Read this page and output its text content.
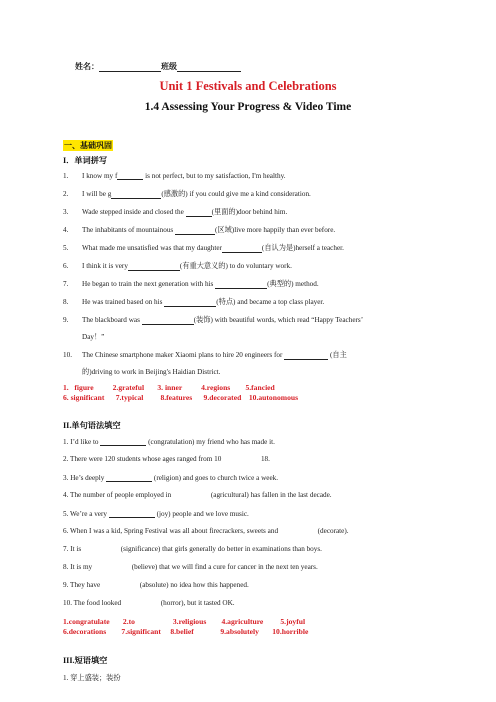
姓名：	班级
Unit 1 Festivals and Celebrations
1.4 Assessing Your Progress & Video Time
一、基础巩固
I．单词拼写
1. I know my f	is not perfect, but to my satisfaction, I'm healthy.
2. I will be g	(感激的) if you could give me a kind consideration.
3. Wade stepped inside and closed the	(里面的)door behind him.
4. The inhabitants of mountainous	(区域)live more happily than ever before.
5. What made me unsatisfied was that my daughter	(自认为是)herself a teacher.
6. I think it is very	(有重大意义的) to do voluntary work.
7. He began to train the next generation with his	(典型的) method.
8. He was trained based on his	(特点) and became a top class player.
9. The blackboard was	(装饰) with beautiful words, which read “Happy Teachers’
Day！”
10. The Chinese smartphone maker Xiaomi plans to hire 20 engineers for	(自主
的)driving to work in Beijing's Haidian District.
1.   figure          2.grateful       3. inner          4.regions        5.fancied
6. significant      7.typical         8.features      9.decorated    10.autonomous
II.单句语法填空
1. I’d like to	(congratulation) my friend who has made it.
2. There were 120 students whose ages ranged from 10	18.
3. He’s deeply	(religion) and goes to church twice a week.
4. The number of people employed in	(agricultural) has fallen in the last decade.
5. We’re a very	(joy) people and we love music.
6. When I was a kid, Spring Festival was all about firecrackers, sweets and	(decorate).
7. It is	(significance) that girls generally do better in examinations than boys.
8. It is my	(believe) that we will find a cure for cancer in the next ten years.
9. They have	(absolute) no idea how this happened.
10. The food looked	(horror), but it tasted OK.
1.congratulate       2.to                    3.religious        4.agriculture         5.joyful
6.decorations        7.significant     8.belief              9.absolutely       10.horrible
III.短语填空
1. 穿上盛装；装扮
